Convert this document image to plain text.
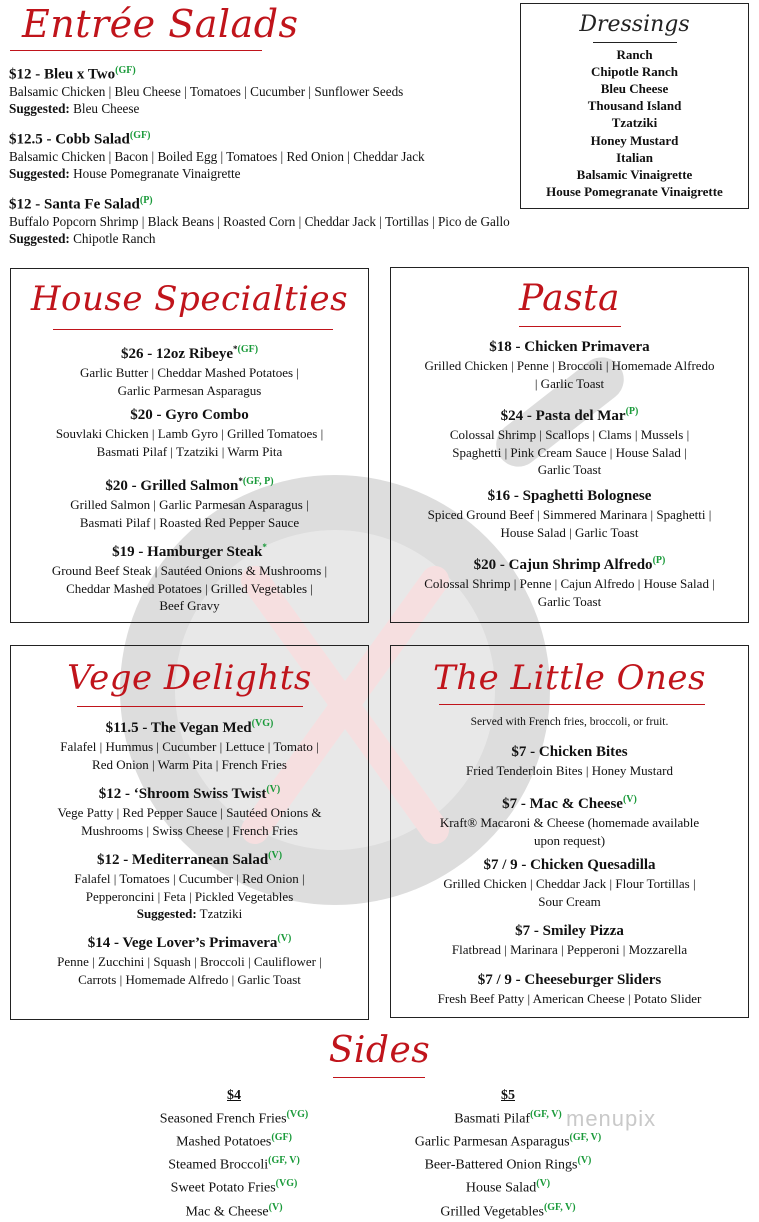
Entrée Salads
$12 - Bleu x Two$^{(GF)}$
Balsamic Chicken | Bleu Cheese | Tomatoes | Cucumber | Sunflower Seeds
Suggested: Bleu Cheese
$12.5 - Cobb Salad$^{(GF)}$
Balsamic Chicken | Bacon | Boiled Egg | Tomatoes | Red Onion | Cheddar Jack
Suggested: House Pomegranate Vinaigrette
$12 - Santa Fe Salad$^{(P)}$
Buffalo Popcorn Shrimp | Black Beans | Roasted Corn | Cheddar Jack | Tortillas | Pico de Gallo
Suggested: Chipotle Ranch
Dressings
Ranch
Chipotle Ranch
Bleu Cheese
Thousand Island
Tzatziki
Honey Mustard
Italian
Balsamic Vinaigrette
House Pomegranate Vinaigrette
House Specialties
$26 - 12oz Ribeye$^{*(GF)}$
Garlic Butter | Cheddar Mashed Potatoes |
Garlic Parmesan Asparagus
$20 - Gyro Combo
Souvlaki Chicken | Lamb Gyro | Grilled Tomatoes |
Basmati Pilaf | Tzatziki | Warm Pita
$20 - Grilled Salmon$^{*(GF, P)}$
Grilled Salmon | Garlic Parmesan Asparagus |
Basmati Pilaf | Roasted Red Pepper Sauce
$19 - Hamburger Steak*
Ground Beef Steak | Sautéed Onions & Mushrooms |
Cheddar Mashed Potatoes | Grilled Vegetables |
Beef Gravy
Pasta
$18 - Chicken Primavera
Grilled Chicken | Penne | Broccoli | Homemade Alfredo
| Garlic Toast
$24 - Pasta del Mar$^{(P)}$
Colossal Shrimp | Scallops | Clams | Mussels |
Spaghetti | Pink Cream Sauce | House Salad |
Garlic Toast
$16 - Spaghetti Bolognese
Spiced Ground Beef | Simmered Marinara | Spaghetti |
House Salad | Garlic Toast
$20 - Cajun Shrimp Alfredo$^{(P)}$
Colossal Shrimp | Penne | Cajun Alfredo | House Salad |
Garlic Toast
Vege Delights
$11.5 - The Vegan Med$^{(VG)}$
Falafel | Hummus | Cucumber | Lettuce | Tomato |
Red Onion | Warm Pita | French Fries
$12 - ‘Shroom Swiss Twist$^{(V)}$
Vege Patty | Red Pepper Sauce | Sautéed Onions &
Mushrooms | Swiss Cheese | French Fries
$12 - Mediterranean Salad$^{(V)}$
Falafel | Tomatoes | Cucumber | Red Onion |
Pepperoncini | Feta | Pickled Vegetables
Suggested: Tzatziki
$14 - Vege Lover’s Primavera$^{(V)}$
Penne | Zucchini | Squash | Broccoli | Cauliflower |
Carrots | Homemade Alfredo | Garlic Toast
The Little Ones
Served with French fries, broccoli, or fruit.
$7 - Chicken Bites
Fried Tenderloin Bites | Honey Mustard
$7 - Mac & Cheese$^{(V)}$
Kraft® Macaroni & Cheese (homemade available
upon request)
$7 / 9 - Chicken Quesadilla
Grilled Chicken | Cheddar Jack | Flour Tortillas |
Sour Cream
$7 - Smiley Pizza
Flatbread | Marinara | Pepperoni | Mozzarella
$7 / 9 - Cheeseburger Sliders
Fresh Beef Patty | American Cheese | Potato Slider
Sides
$4
Seasoned French Fries$^{(VG)}$
Mashed Potatoes$^{(GF)}$
Steamed Broccoli$^{(GF, V)}$
Sweet Potato Fries$^{(VG)}$
Mac & Cheese$^{(V)}$
$5
Basmati Pilaf$^{(GF, V)}$
Garlic Parmesan Asparagus$^{(GF, V)}$
Beer-Battered Onion Rings$^{(V)}$
House Salad$^{(V)}$
Grilled Vegetables$^{(GF, V)}$
menupix
